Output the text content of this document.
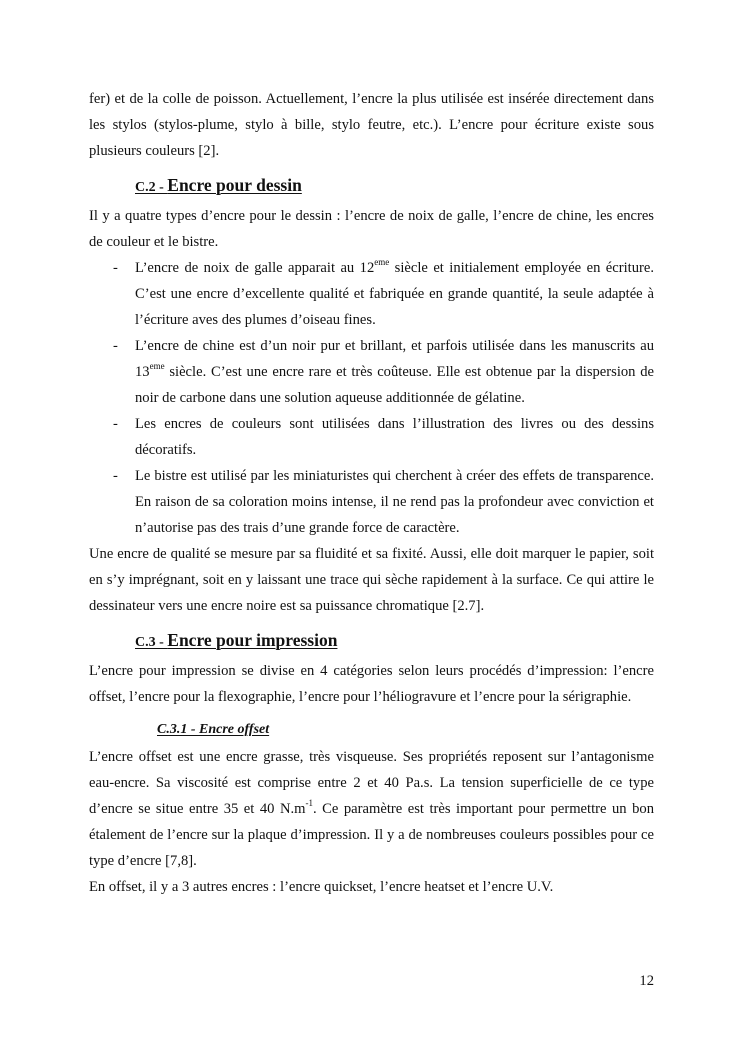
fer) et de la colle de poisson. Actuellement, l’encre la plus utilisée est insérée directement dans les stylos (stylos-plume, stylo à bille, stylo feutre, etc.). L’encre pour écriture existe sous plusieurs couleurs [2].

C.2 - Encre pour dessin

Il y a quatre types d’encre pour le dessin : l’encre de noix de galle, l’encre de chine, les encres de couleur et le bistre.

- L’encre de noix de galle apparait au 12eme siècle et initialement employée en écriture. C’est une encre d’excellente qualité et fabriquée en grande quantité, la seule adaptée à l’écriture aves des plumes d’oiseau fines.

- L’encre de chine est d’un noir pur et brillant, et parfois utilisée dans les manuscrits au 13eme siècle. C’est une encre rare et très coûteuse. Elle est obtenue par la dispersion de noir de carbone dans une solution aqueuse additionnée de gélatine.

- Les encres de couleurs sont utilisées dans l’illustration des livres ou des dessins décoratifs.

- Le bistre est utilisé par les miniaturistes qui cherchent à créer des effets de transparence. En raison de sa coloration moins intense, il ne rend pas la profondeur avec conviction et n’autorise pas des trais d’une grande force de caractère.

Une encre de qualité se mesure par sa fluidité et sa fixité. Aussi, elle doit marquer le papier, soit en s’y imprégnant, soit en y laissant une trace qui sèche rapidement à la surface. Ce qui attire le dessinateur vers une encre noire est sa puissance chromatique [2.7].

C.3 - Encre pour impression

L’encre pour impression se divise en 4 catégories selon leurs procédés d’impression: l’encre offset, l’encre pour la flexographie, l’encre pour l’héliogravure et l’encre pour la sérigraphie.

C.3.1 - Encre offset

L’encre offset est une encre grasse, très visqueuse. Ses propriétés reposent sur l’antagonisme eau-encre. Sa viscosité est comprise entre 2 et 40 Pa.s. La tension superficielle de ce type d’encre se situe entre 35 et 40 $N.m^{-1}$. Ce paramètre est très important pour permettre un bon étalement de l’encre sur la plaque d’impression. Il y a de nombreuses couleurs possibles pour ce type d’encre [7,8].

En offset, il y a 3 autres encres : l’encre quickset, l’encre heatset et l’encre U.V.

12
